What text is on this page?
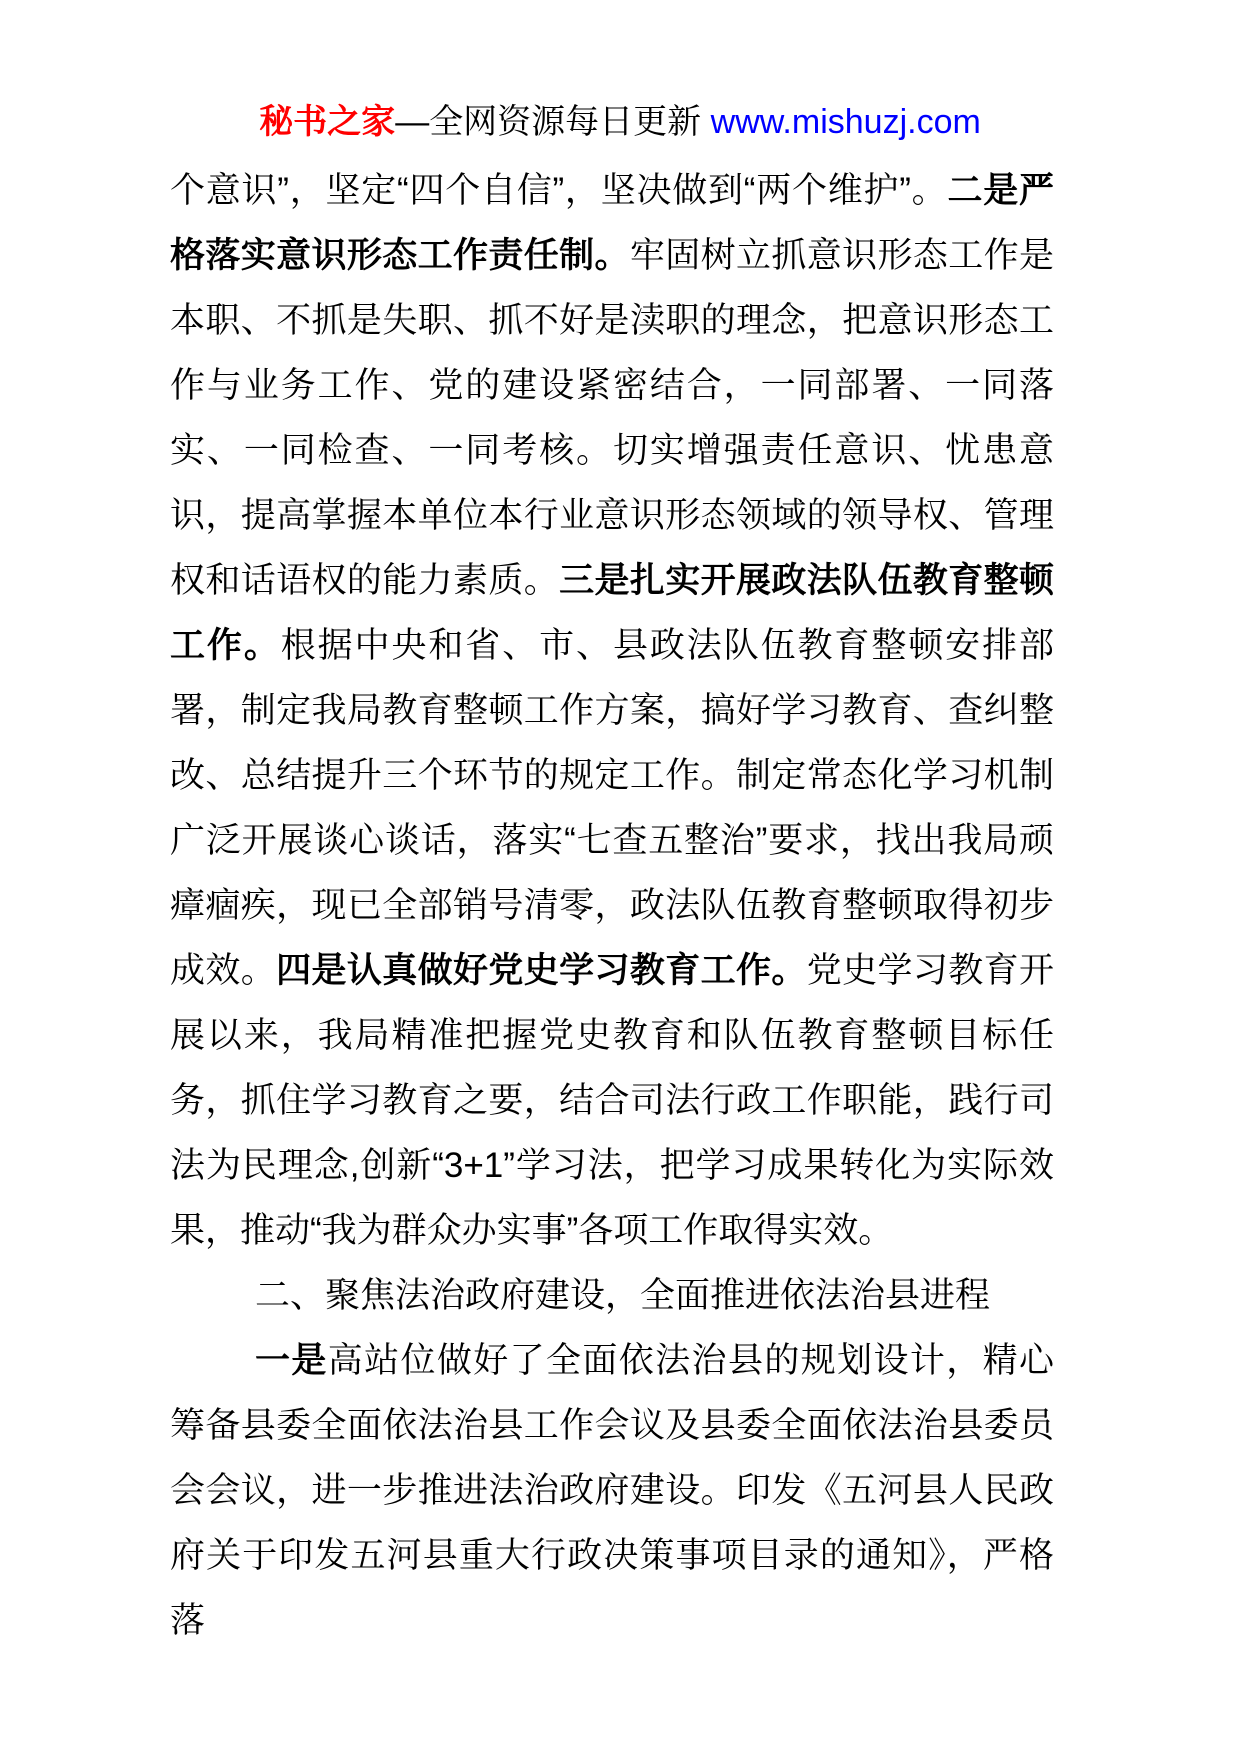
秘书之家—全网资源每日更新 www.mishuzj.com

个意识”，坚定“四个自信”，坚决做到“两个维护”。二是严格落实意识形态工作责任制。牢固树立抓意识形态工作是本职、不抓是失职、抓不好是渎职的理念，把意识形态工作与业务工作、党的建设紧密结合，一同部署、一同落实、一同检查、一同考核。切实增强责任意识、忧患意识，提高掌握本单位本行业意识形态领域的领导权、管理权和话语权的能力素质。三是扎实开展政法队伍教育整顿工作。根据中央和省、市、县政法队伍教育整顿安排部署，制定我局教育整顿工作方案，搞好学习教育、查纠整改、总结提升三个环节的规定工作。制定常态化学习机制广泛开展谈心谈话，落实“七查五整治”要求，找出我局顽瘴痼疾，现已全部销号清零，政法队伍教育整顿取得初步成效。四是认真做好党史学习教育工作。党史学习教育开展以来，我局精准把握党史教育和队伍教育整顿目标任务，抓住学习教育之要，结合司法行政工作职能，践行司法为民理念,创新“3+1”学习法，把学习成果转化为实际效果，推动“我为群众办实事”各项工作取得实效。

二、聚焦法治政府建设，全面推进依法治县进程

一是高站位做好了全面依法治县的规划设计，精心筹备县委全面依法治县工作会议及县委全面依法治县委员会会议，进一步推进法治政府建设。印发《五河县人民政府关于印发五河县重大行政决策事项目录的通知》，严格落
